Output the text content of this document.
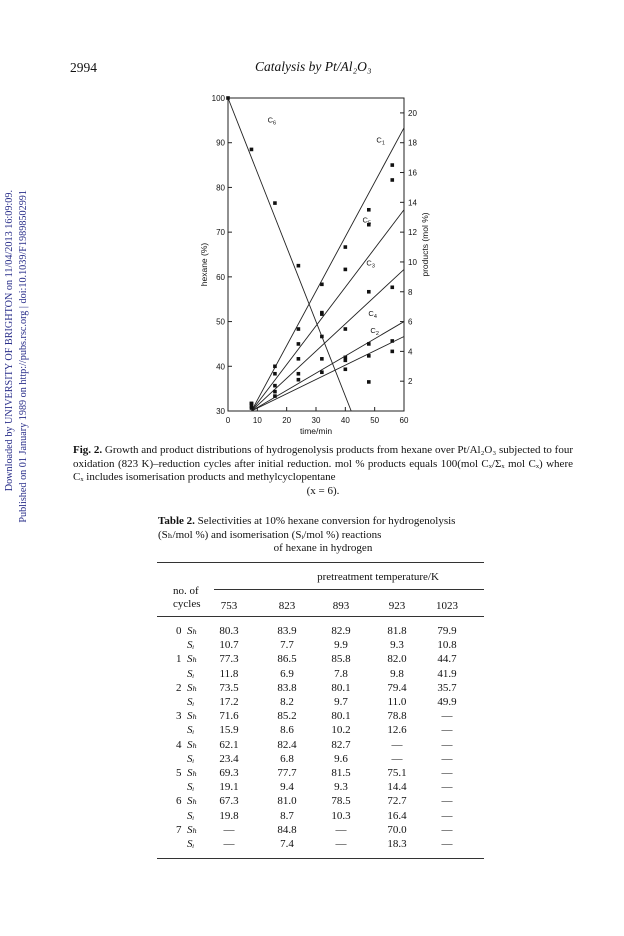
Downloaded by UNIVERSITY OF BRIGHTON on 11/04/2013 16:09:09. Published on 01 January 1989 on http://pubs.rsc.org | doi:10.1039/F19898502991
2994	Catalysis by Pt/Al₂O₃
0	10	20	30	40	50	60
30
40
50
60
70
80
90
100
2
4
6
8
10
12
14
16
18
20
time/min
hexane (%)	products (mol %)
$C_6$
$C_1$
$C_5$
$C_3$
$C_4$
$C_2$
Fig. 2. Growth and product distributions of hydrogenolysis products from hexane over Pt/Al₂O₃ subjected to four oxidation (823 K)–reduction cycles after initial reduction. mol % products equals 100(mol Cₓ/Σₓ mol Cₓ) where Cₓ includes isomerisation products and methylcyclopentane
(x = 6).
Table 2. Selectivities at 10% hexane conversion for hydrogenolysis (Sₕ/mol %) and isomerisation (Sᵢ/mol %) reactions
of hexane in hydrogen
pretreatment temperature/K
no. of
cycles	753	823	893	923	1023
0 Sₕ	80.3	83.9	82.9	81.8	79.9
Sᵢ	10.7	7.7	9.9	9.3	10.8
1 Sₕ	77.3	86.5	85.8	82.0	44.7
Sᵢ	11.8	6.9	7.8	9.8	41.9
2 Sₕ	73.5	83.8	80.1	79.4	35.7
Sᵢ	17.2	8.2	9.7	11.0	49.9
3 Sₕ	71.6	85.2	80.1	78.8	—
Sᵢ	15.9	8.6	10.2	12.6	—
4 Sₕ	62.1	82.4	82.7	—	—
Sᵢ	23.4	6.8	9.6	—	—
5 Sₕ	69.3	77.7	81.5	75.1	—
Sᵢ	19.1	9.4	9.3	14.4	—
6 Sₕ	67.3	81.0	78.5	72.7	—
Sᵢ	19.8	8.7	10.3	16.4	—
7 Sₕ	—	84.8	—	70.0	—
Sᵢ	—	7.4	—	18.3	—
